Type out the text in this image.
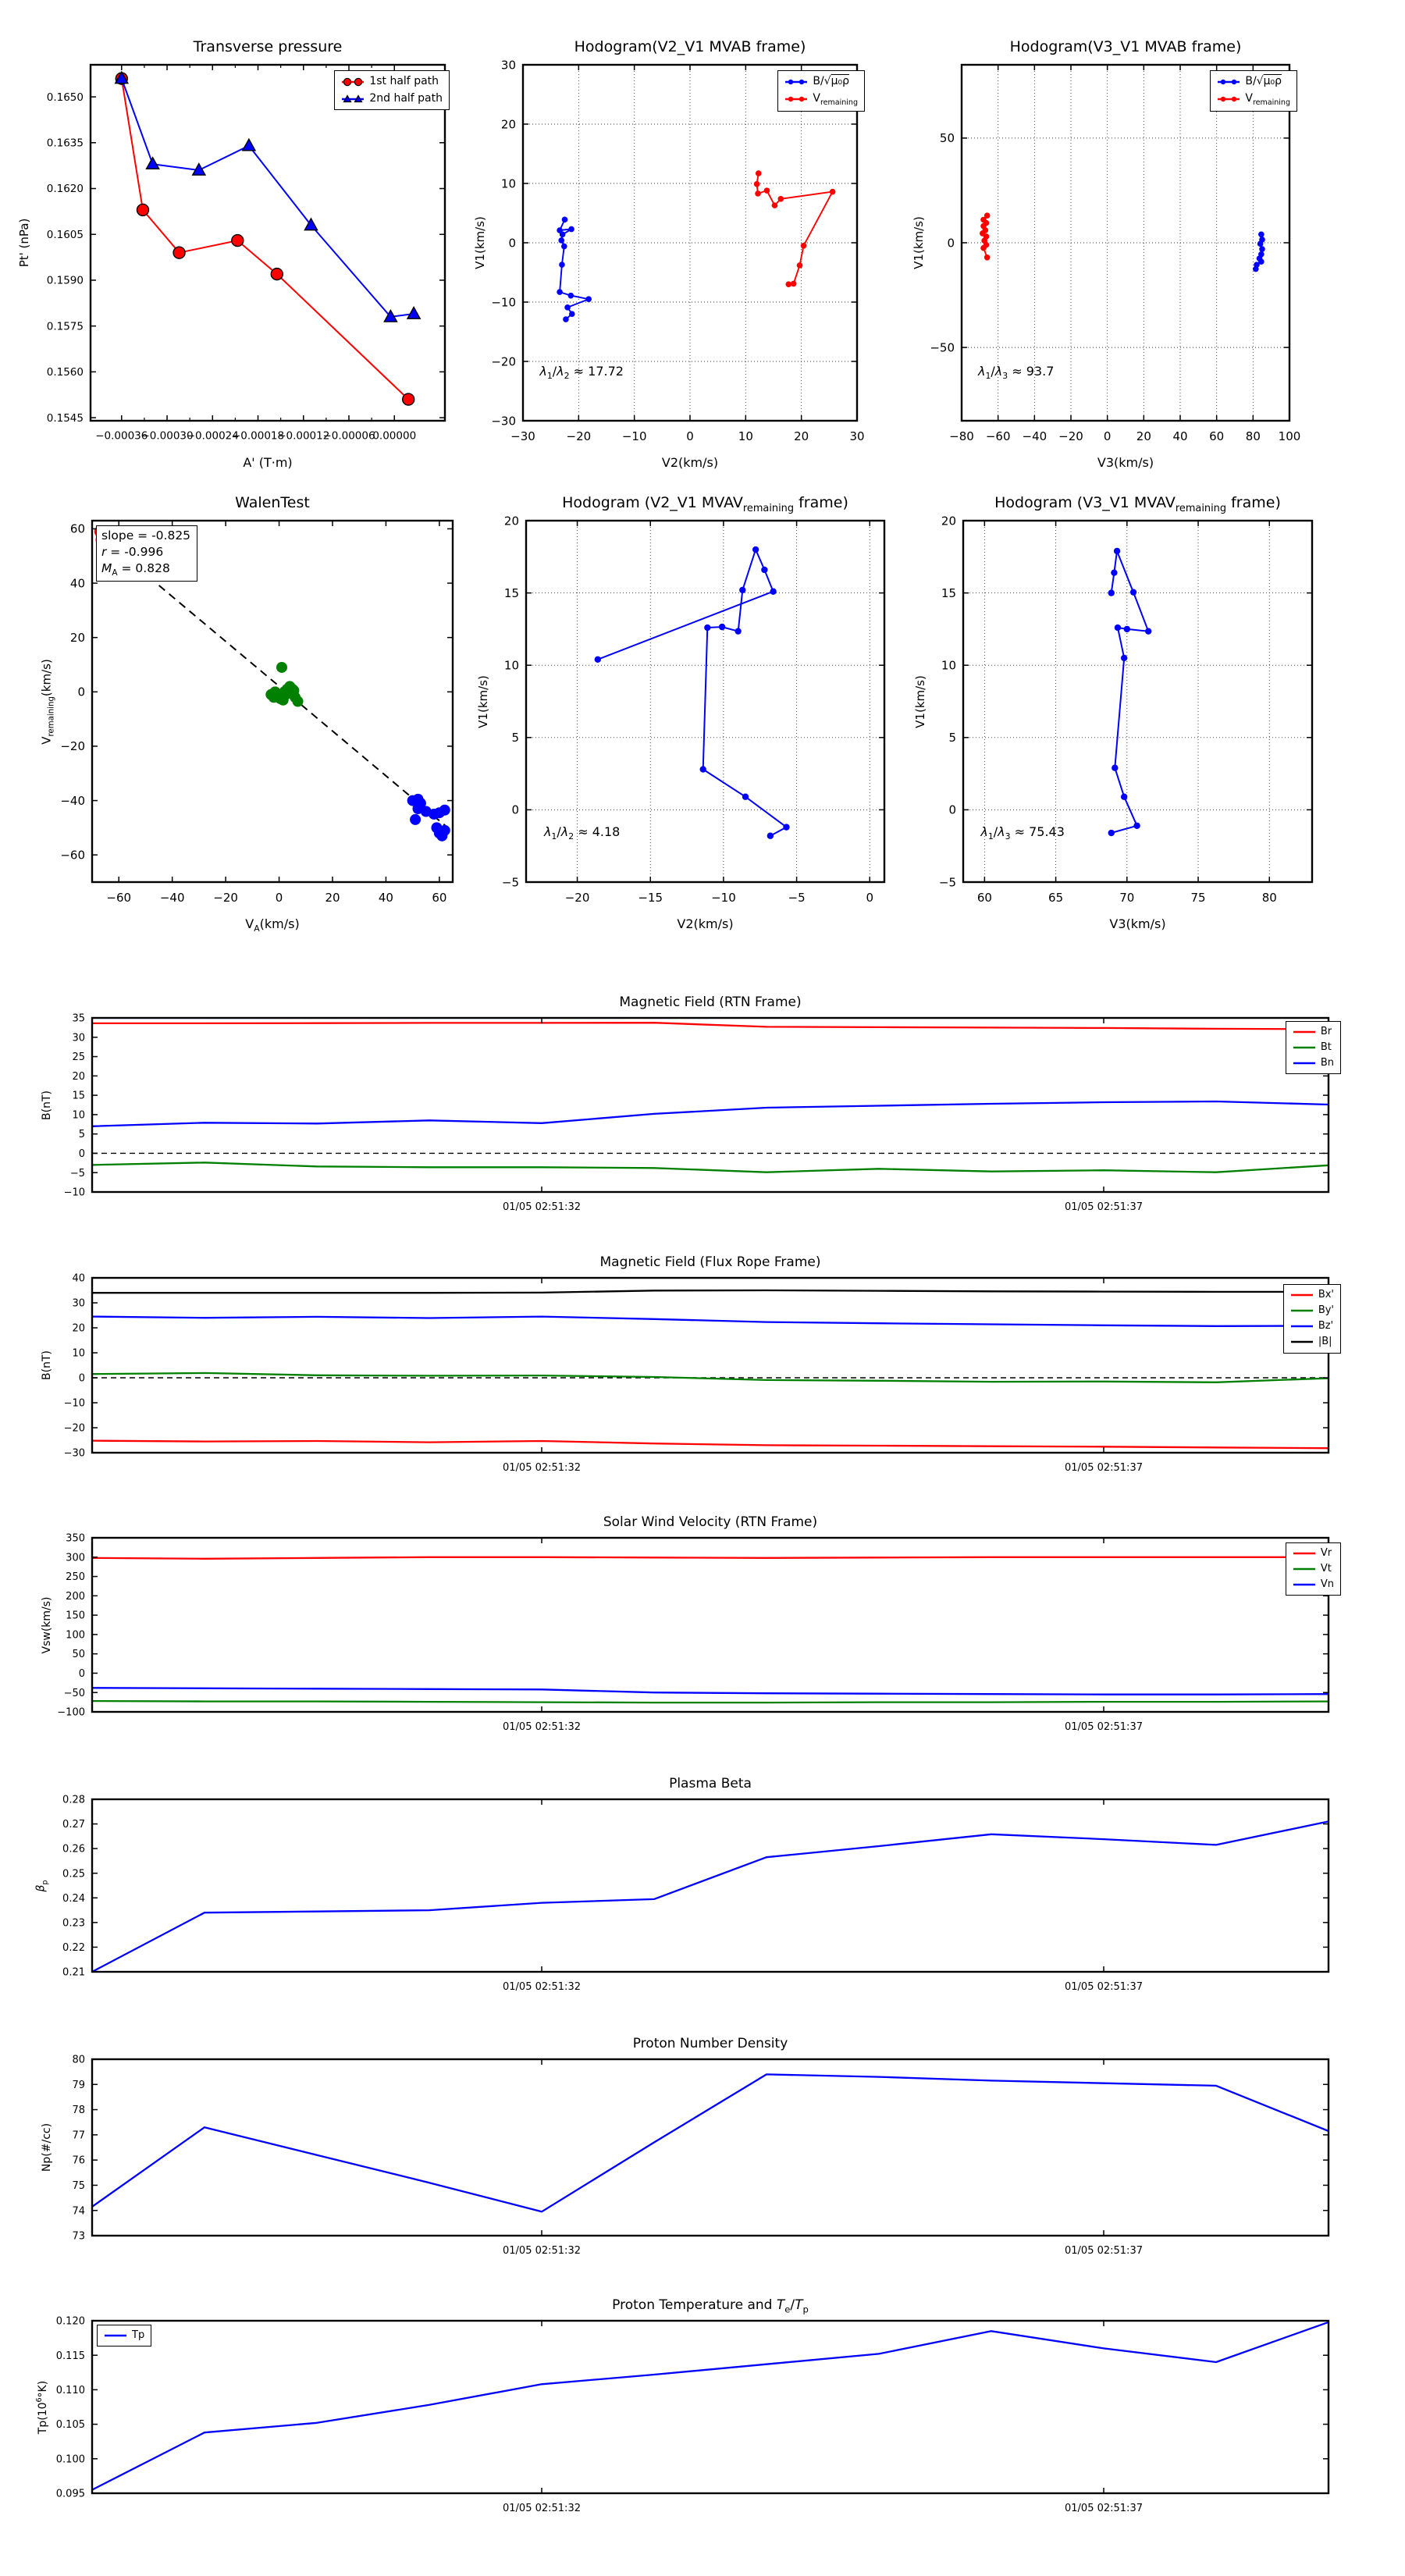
−0.00036
−0.00030
−0.00024
−0.00018
−0.00012
−0.00006
0.00000
0.1650
0.1635
0.1620
0.1605
0.1590
0.1575
0.1560
0.1545
Transverse pressure
A' (T·m)
Pt' (nPa)
1st half path
2nd half path
−30	−20	−10	0	10	20	30
−30
−20
−10
0
10
20
30
Hodogram(V2_V1 MVAB frame)
V2(km/s)
V1(km/s)
$\lambda_1/\lambda_2 \approx 17.72$
B/√μ₀ρ
$V_{remaining}$
−80 −60 −40 −20 0 20 40 60 80 100
−50
0
50
Hodogram(V3_V1 MVAB frame)
V3(km/s)
V1(km/s)
$\lambda_1/\lambda_3 \approx 93.7$
B/√μ₀ρ
$V_{remaining}$
−60 −40 −20	0	20	40	60
−60
−40
−20
0
20
40
60
WalenTest
$V_A(km/s)$
$V_{remaining}(km/s)$
slope = -0.825
r = -0.996
$M_A = 0.828$
−20	−15	−10	−5	0
−5
0
5
10
15
20
Hodogram (V2_V1 $MVAV_{remaining}$ frame)
V2(km/s)
V1(km/s)
$\lambda_1/\lambda_2 \approx 4.18$
60	65	70	75	80
−5
0
5
10
15
20
Hodogram (V3_V1 $MVAV_{remaining}$ frame)
V3(km/s)
V1(km/s)
$\lambda_1/\lambda_3 \approx 75.43$
01/05 02:51:32	01/05 02:51:37
35
30
25
20
15
10
5
0
−5
−10
Magnetic Field (RTN Frame)
B(nT)
Br
Bt
Bn
01/05 02:51:32	01/05 02:51:37
40
30
20
10
0
−10
−20
−30
Magnetic Field (Flux Rope Frame)
B(nT)
Bx'
By'
Bz'
|B|
01/05 02:51:32	01/05 02:51:37
350
300
250
200
150
100
50
0
−50
−100
Solar Wind Velocity (RTN Frame)
Vsw(km/s)
Vr
Vt
Vn
01/05 02:51:32	01/05 02:51:37
0.28
0.27
0.26
0.25
0.24
0.23
0.22
0.21
Plasma Beta
$\beta_p$
01/05 02:51:32	01/05 02:51:37
80
79
78
77
76
75
74
73
Proton Number Density
Np(#/cc)
01/05 02:51:32	01/05 02:51:37
0.120
0.115
0.110
0.105
0.100
0.095
Proton Temperature and $T_e/T_p$
$Tp(10^6^\circ K)$
Tp
